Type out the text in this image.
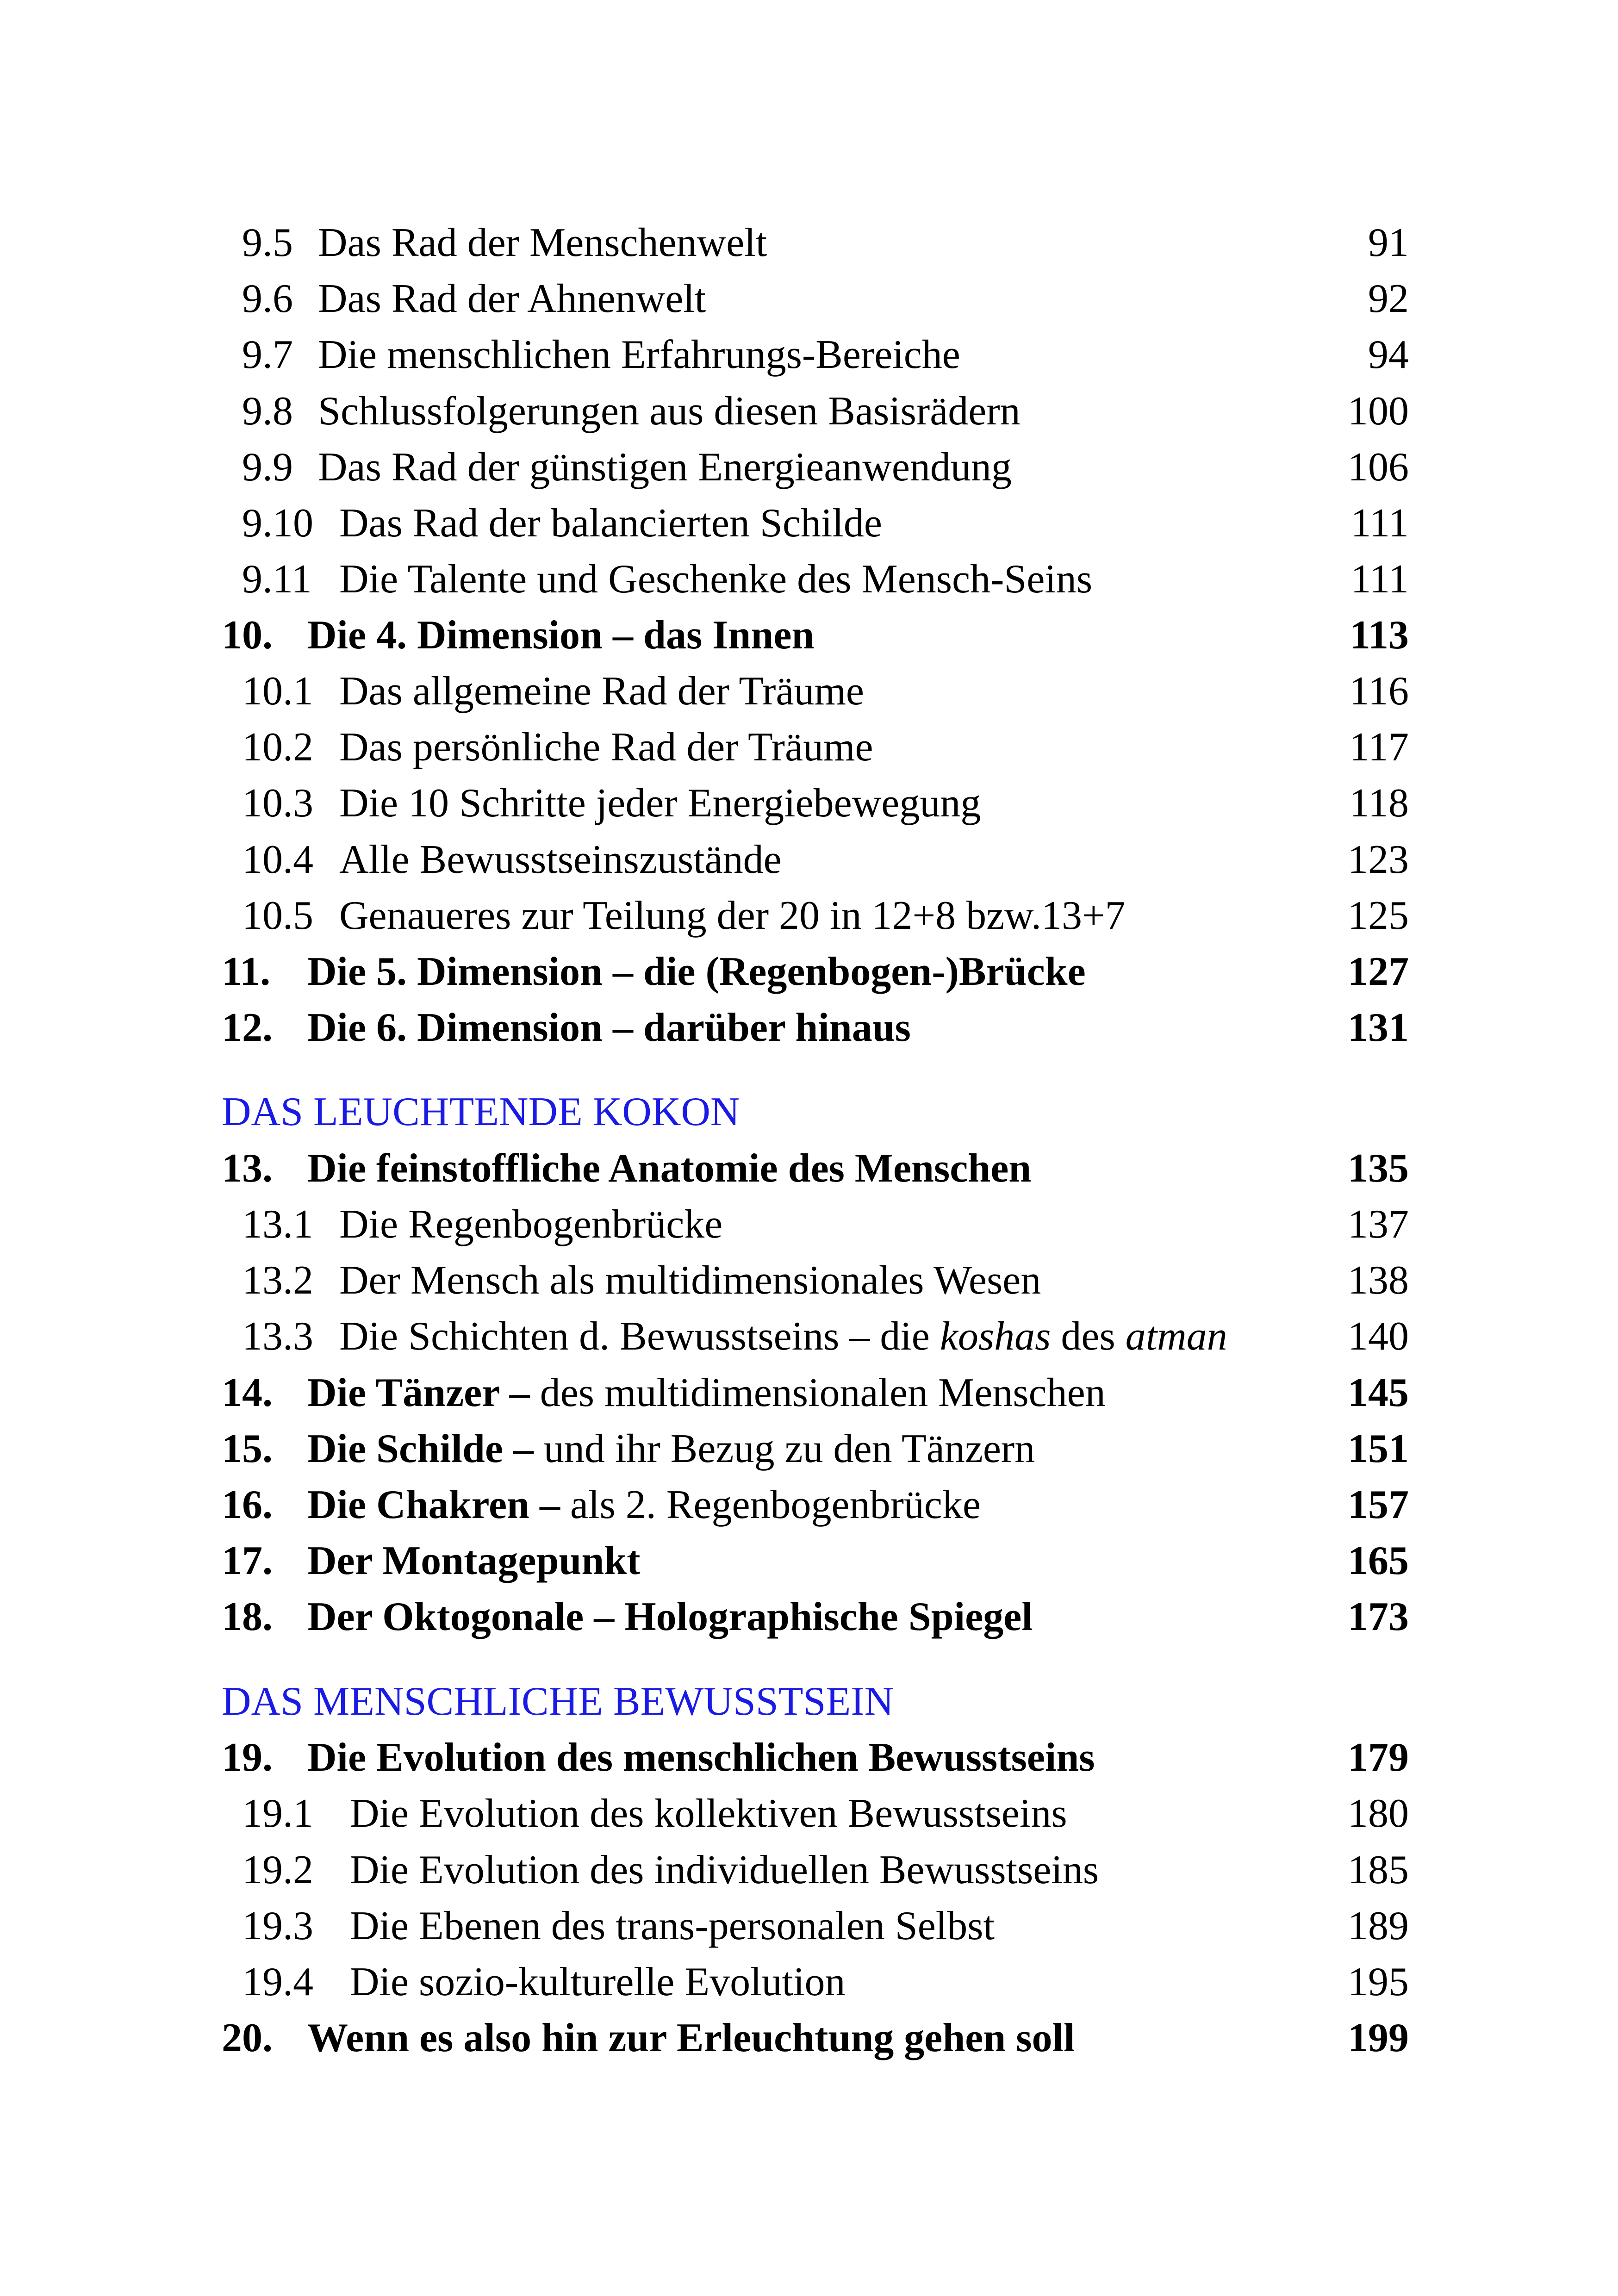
9.5 Das Rad der Menschenwelt	91
9.6 Das Rad der Ahnenwelt	92
9.7 Die menschlichen Erfahrungs-Bereiche	94
9.8 Schlussfolgerungen aus diesen Basisrädern	100
9.9 Das Rad der günstigen Energieanwendung	106
9.10 Das Rad der balancierten Schilde	111
9.11 Die Talente und Geschenke des Mensch-Seins	111
10. Die 4. Dimension – das Innen	113
10.1 Das allgemeine Rad der Träume	116
10.2 Das persönliche Rad der Träume	117
10.3 Die 10 Schritte jeder Energiebewegung	118
10.4 Alle Bewusstseinszustände	123
10.5 Genaueres zur Teilung der 20 in 12+8 bzw.13+7	125
11. Die 5. Dimension – die (Regenbogen-)Brücke	127
12. Die 6. Dimension – darüber hinaus	131
DAS LEUCHTENDE KOKON
13. Die feinstoffliche Anatomie des Menschen	135
13.1 Die Regenbogenbrücke	137
13.2 Der Mensch als multidimensionales Wesen	138
13.3 Die Schichten d. Bewusstseins – die koshas des atman	140
14. Die Tänzer – des multidimensionalen Menschen	145
15. Die Schilde – und ihr Bezug zu den Tänzern	151
16. Die Chakren – als 2. Regenbogenbrücke	157
17. Der Montagepunkt	165
18. Der Oktogonale – Holographische Spiegel	173
DAS MENSCHLICHE BEWUSSTSEIN
19. Die Evolution des menschlichen Bewusstseins	179
19.1 Die Evolution des kollektiven Bewusstseins	180
19.2 Die Evolution des individuellen Bewusstseins	185
19.3 Die Ebenen des trans-personalen Selbst	189
19.4 Die sozio-kulturelle Evolution	195
20. Wenn es also hin zur Erleuchtung gehen soll	199
